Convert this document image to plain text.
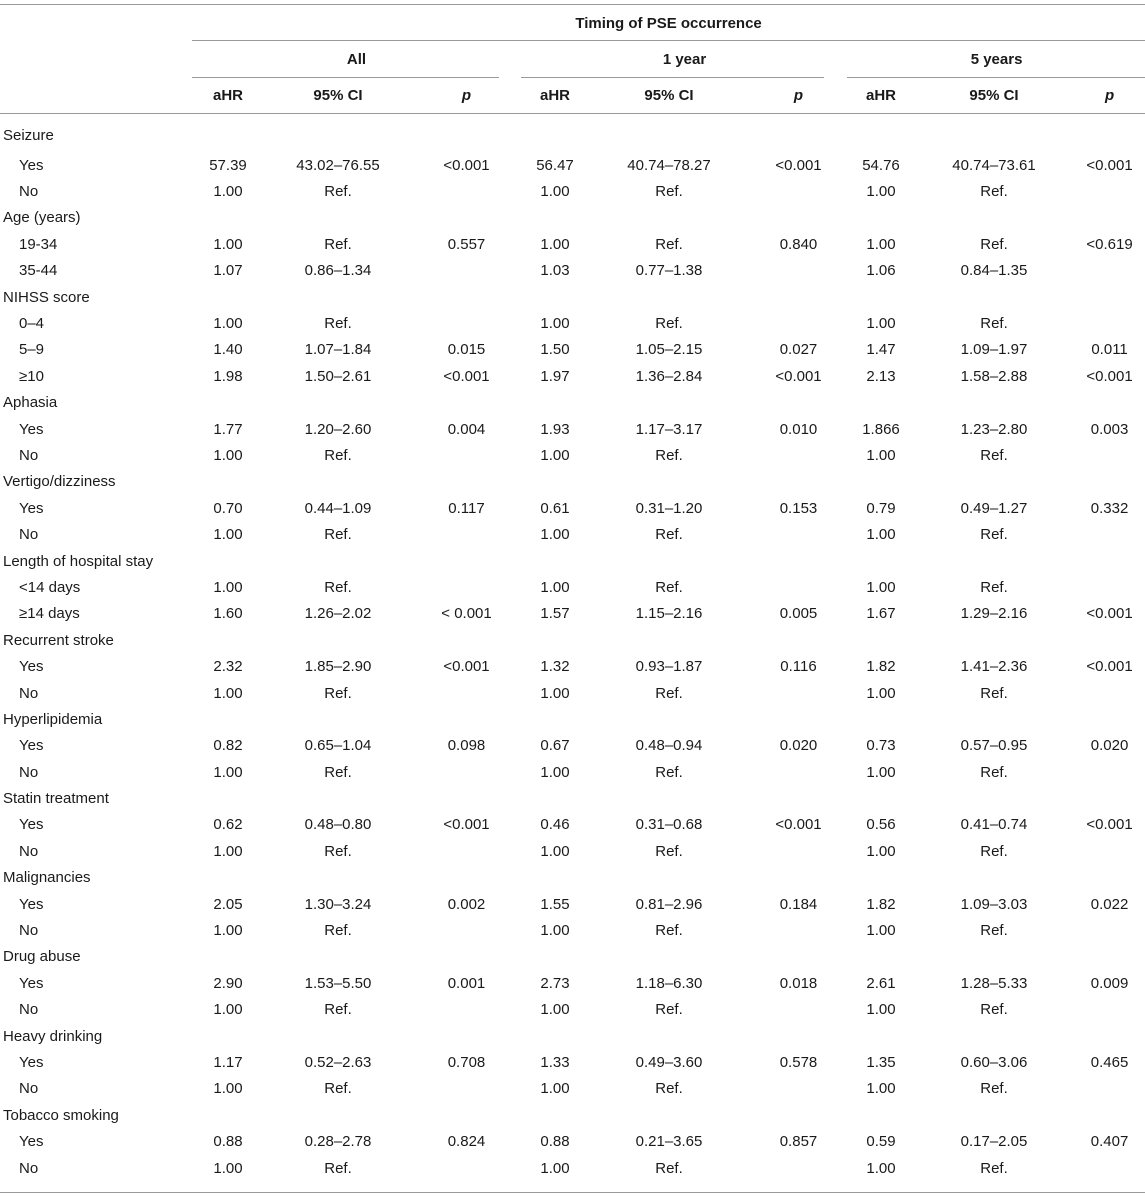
	Timing of PSE occurrence								
	All			1 year			5 years		
	aHR	95% CI	p	aHR	95% CI	p	aHR	95% CI	p
Seizure									
Yes	57.39	43.02–76.55	<0.001	56.47	40.74–78.27	<0.001	54.76	40.74–73.61	<0.001
No	1.00	Ref.		1.00	Ref.		1.00	Ref.	
Age (years)									
19-34	1.00	Ref.	0.557	1.00	Ref.	0.840	1.00	Ref.	<0.619
35-44	1.07	0.86–1.34		1.03	0.77–1.38		1.06	0.84–1.35	
NIHSS score									
0–4	1.00	Ref.		1.00	Ref.		1.00	Ref.	
5–9	1.40	1.07–1.84	0.015	1.50	1.05–2.15	0.027	1.47	1.09–1.97	0.011
≥10	1.98	1.50–2.61	<0.001	1.97	1.36–2.84	<0.001	2.13	1.58–2.88	<0.001
Aphasia									
Yes	1.77	1.20–2.60	0.004	1.93	1.17–3.17	0.010	1.866	1.23–2.80	0.003
No	1.00	Ref.		1.00	Ref.		1.00	Ref.	
Vertigo/dizziness									
Yes	0.70	0.44–1.09	0.117	0.61	0.31–1.20	0.153	0.79	0.49–1.27	0.332
No	1.00	Ref.		1.00	Ref.		1.00	Ref.	
Length of hospital stay									
<14 days	1.00	Ref.		1.00	Ref.		1.00	Ref.	
≥14 days	1.60	1.26–2.02	< 0.001	1.57	1.15–2.16	0.005	1.67	1.29–2.16	<0.001
Recurrent stroke									
Yes	2.32	1.85–2.90	<0.001	1.32	0.93–1.87	0.116	1.82	1.41–2.36	<0.001
No	1.00	Ref.		1.00	Ref.		1.00	Ref.	
Hyperlipidemia									
Yes	0.82	0.65–1.04	0.098	0.67	0.48–0.94	0.020	0.73	0.57–0.95	0.020
No	1.00	Ref.		1.00	Ref.		1.00	Ref.	
Statin treatment									
Yes	0.62	0.48–0.80	<0.001	0.46	0.31–0.68	<0.001	0.56	0.41–0.74	<0.001
No	1.00	Ref.		1.00	Ref.		1.00	Ref.	
Malignancies									
Yes	2.05	1.30–3.24	0.002	1.55	0.81–2.96	0.184	1.82	1.09–3.03	0.022
No	1.00	Ref.		1.00	Ref.		1.00	Ref.	
Drug abuse									
Yes	2.90	1.53–5.50	0.001	2.73	1.18–6.30	0.018	2.61	1.28–5.33	0.009
No	1.00	Ref.		1.00	Ref.		1.00	Ref.	
Heavy drinking									
Yes	1.17	0.52–2.63	0.708	1.33	0.49–3.60	0.578	1.35	0.60–3.06	0.465
No	1.00	Ref.		1.00	Ref.		1.00	Ref.	
Tobacco smoking									
Yes	0.88	0.28–2.78	0.824	0.88	0.21–3.65	0.857	0.59	0.17–2.05	0.407
No	1.00	Ref.		1.00	Ref.		1.00	Ref.	
